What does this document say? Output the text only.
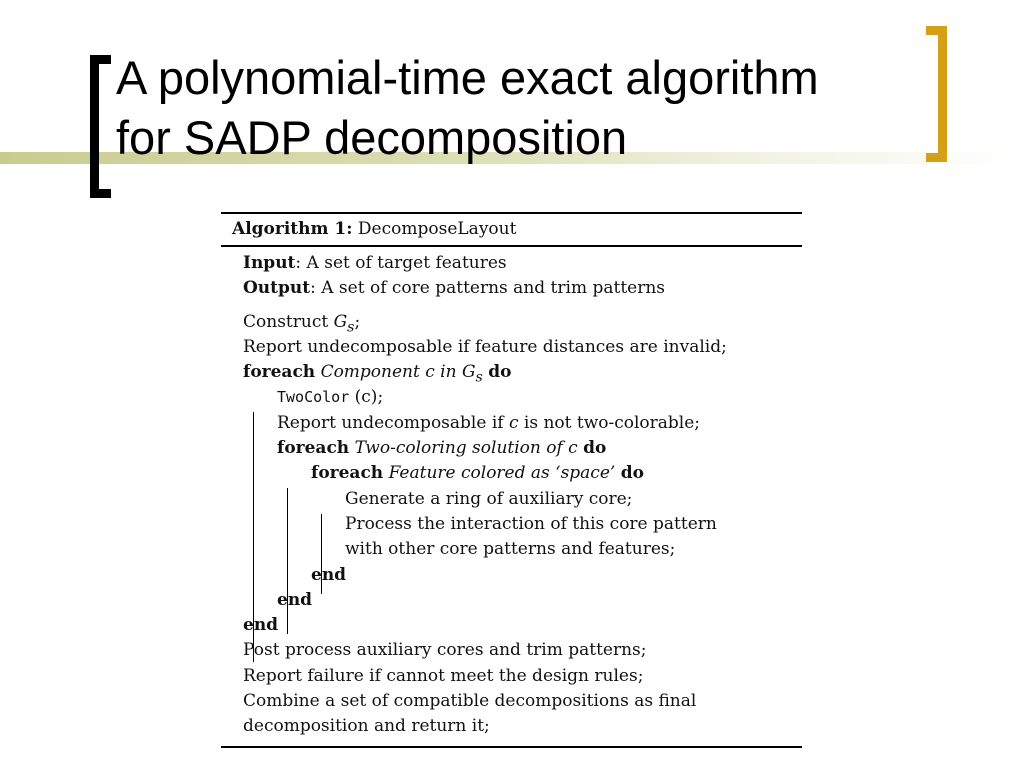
A polynomial-time exact algorithm
for SADP decomposition
Algorithm 1: DecomposeLayout
Input: A set of target features
Output: A set of core patterns and trim patterns
Construct $G_s$;
Report undecomposable if feature distances are invalid;
foreach Component c in $G_s$ do
TwoColor (c);
Report undecomposable if c is not two-colorable;
foreach Two-coloring solution of c do
foreach Feature colored as ‘space’ do
Generate a ring of auxiliary core;
Process the interaction of this core pattern
with other core patterns and features;
end
end
end
Post process auxiliary cores and trim patterns;
Report failure if cannot meet the design rules;
Combine a set of compatible decompositions as final
decomposition and return it;
